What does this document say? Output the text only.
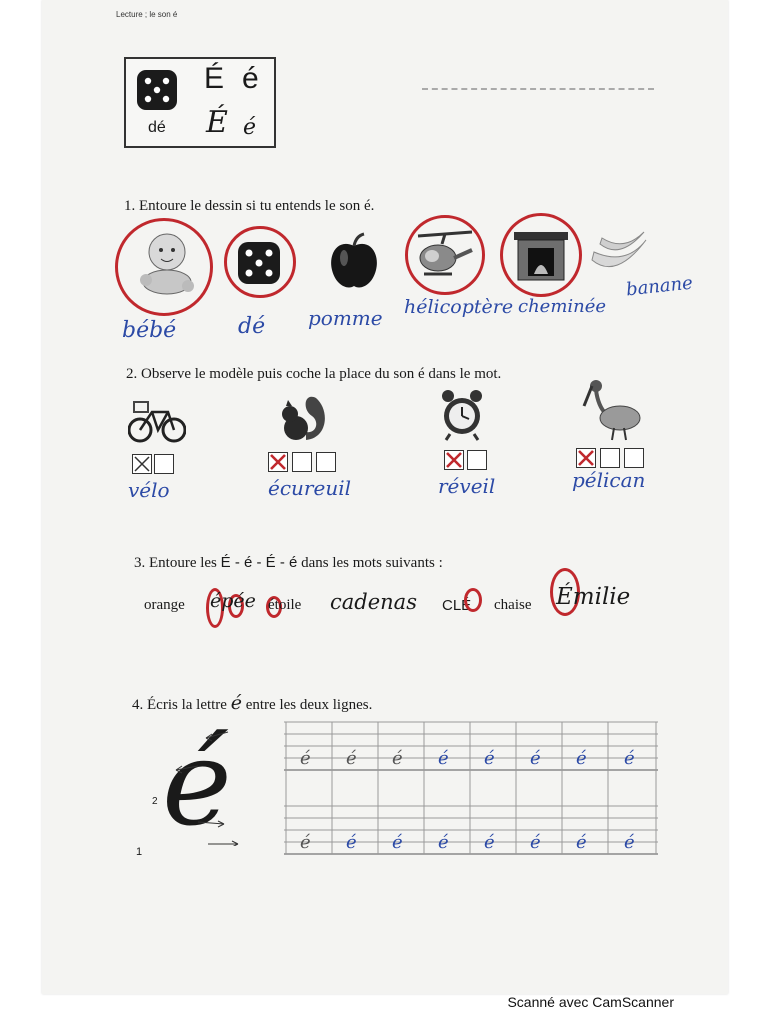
Lecture ; le son é
É é
dé É é
1. Entoure le dessin si tu entends le son é.
bébé	dé pomme hélicoptère cheminée
banane
2. Observe le modèle puis coche la place du son é dans le mot.
vélo	écureuil	réveil	pélican
3. Entoure les É - é - É - é dans les mots suivants :
orange épée étoile cadenas CLÉ chaise Émilie
4. Écris la lettre é entre les deux lignes.
é
2
1
é é é é é é é é
é é é é é é é é
Scanné avec CamScanner
